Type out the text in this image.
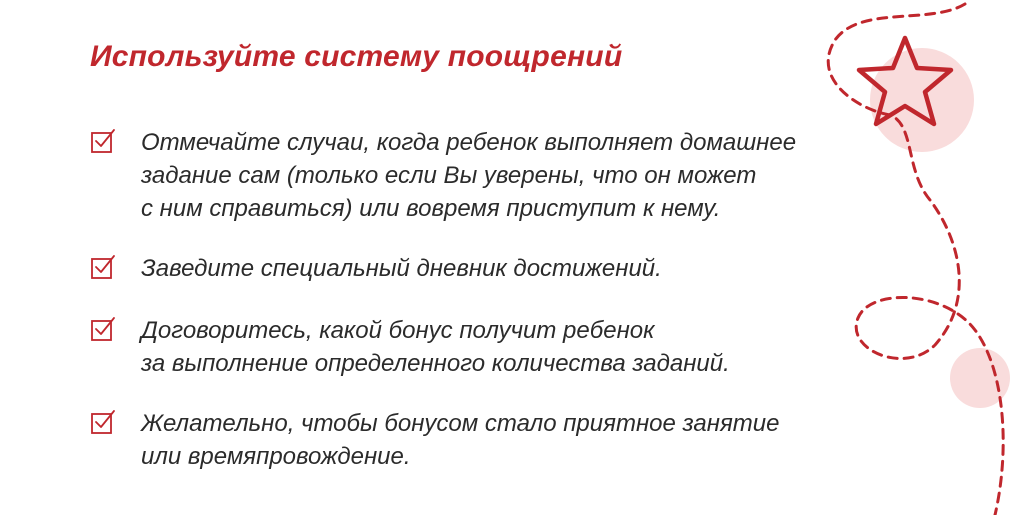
Используйте систему поощрений
Отмечайте случаи, когда ребенок выполняет домашнее
задание сам (только если Вы уверены, что он может
с ним справиться) или вовремя приступит к нему.
Заведите специальный дневник достижений.
Договоритесь, какой бонус получит ребенок
за выполнение определенного количества заданий.
Желательно, чтобы бонусом стало приятное занятие
или времяпровождение.
